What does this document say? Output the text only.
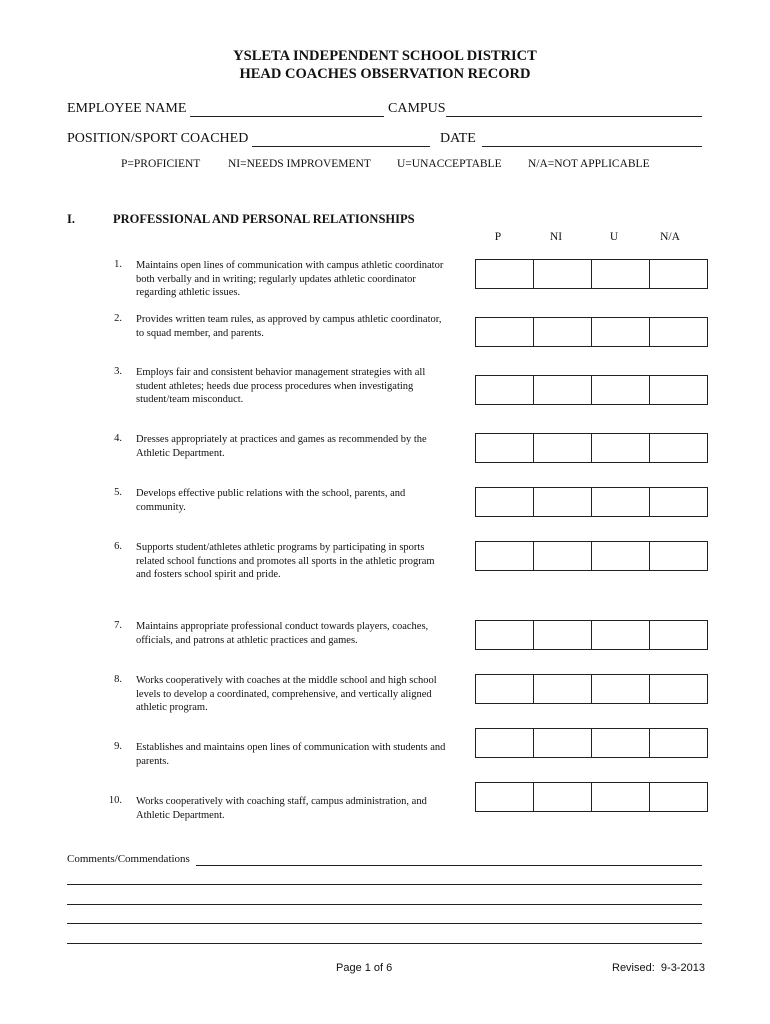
YSLETA INDEPENDENT SCHOOL DISTRICT
HEAD COACHES OBSERVATION RECORD
EMPLOYEE NAME	CAMPUS
POSITION/SPORT COACHED	DATE
P=PROFICIENT NI=NEEDS IMPROVEMENT U=UNACCEPTABLE N/A=NOT APPLICABLE
I.	PROFESSIONAL AND PERSONAL RELATIONSHIPS
P	NI	U	N/A
1. Maintains open lines of communication with campus athletic coordinator both verbally and in writing; regularly updates athletic coordinator regarding athletic issues.
2. Provides written team rules, as approved by campus athletic coordinator, to squad member, and parents.
3. Employs fair and consistent behavior management strategies with all student athletes; heeds due process procedures when investigating student/team misconduct.
4. Dresses appropriately at practices and games as recommended by the Athletic Department.
5. Develops effective public relations with the school, parents, and community.
6. Supports student/athletes athletic programs by participating in sports related school functions and promotes all sports in the athletic program and fosters school spirit and pride.
7. Maintains appropriate professional conduct towards players, coaches, officials, and patrons at athletic practices and games.
8. Works cooperatively with coaches at the middle school and high school levels to develop a coordinated, comprehensive, and vertically aligned athletic program.
9. Establishes and maintains open lines of communication with students and parents.
10. Works cooperatively with coaching staff, campus administration, and Athletic Department.
Comments/Commendations
Page 1 of 6	Revised:  9-3-2013
